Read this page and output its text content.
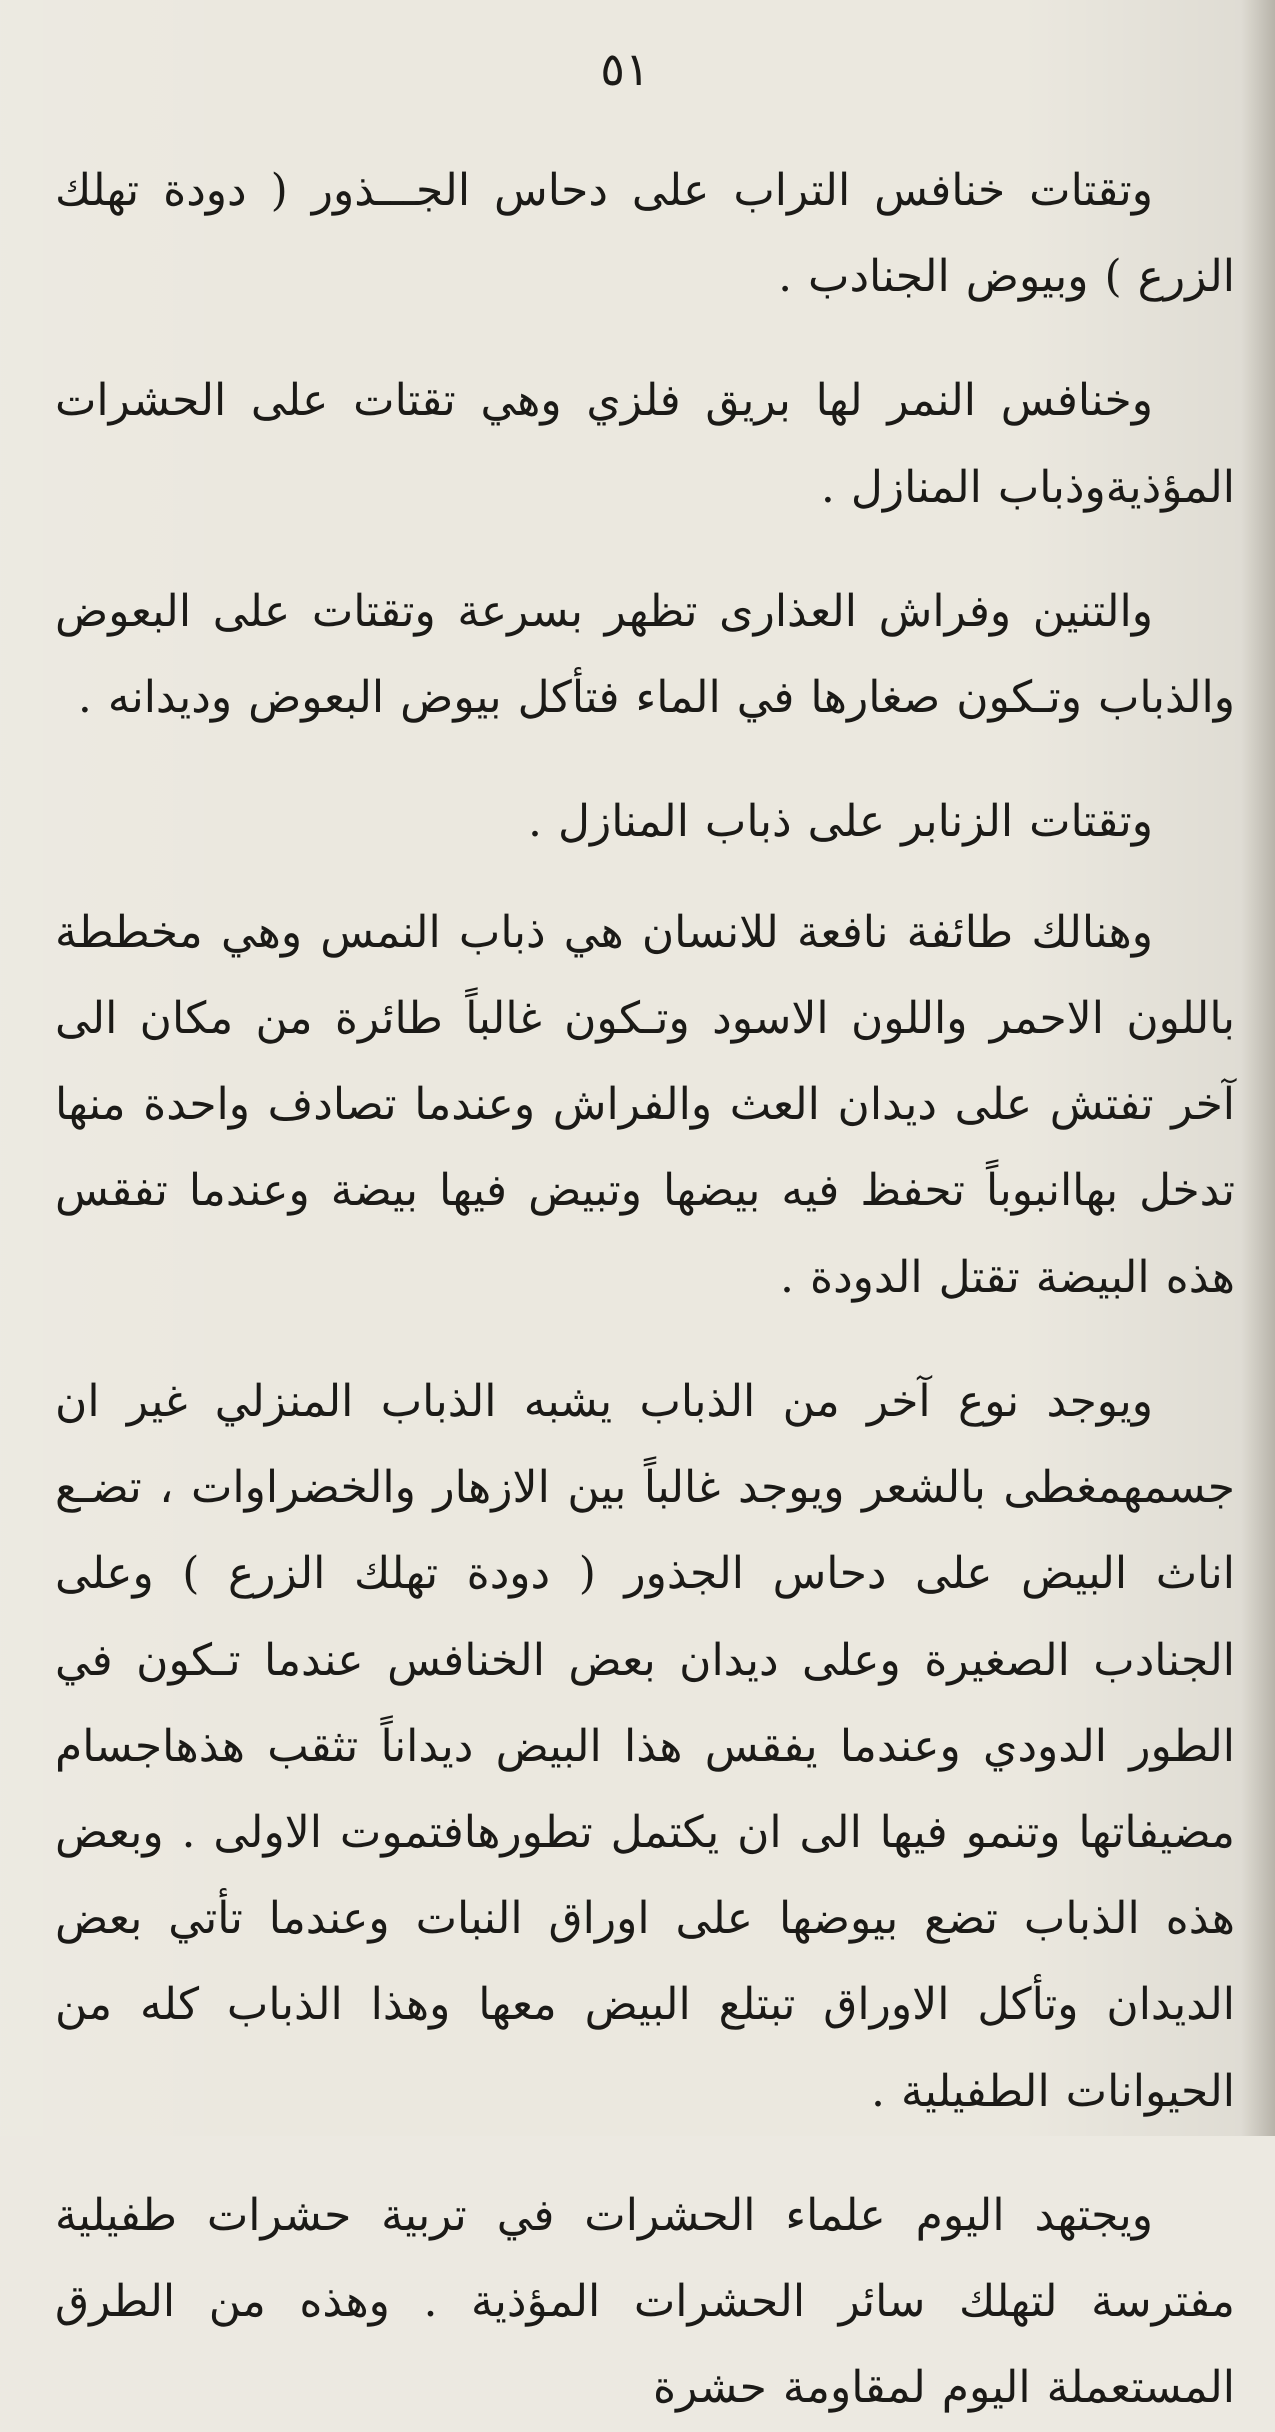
٥١

وتقتات خنافس التراب على دحاس الجـــذور ( دودة تهلك الزرع ) وبيوض الجنادب .

وخنافس النمر لها بريق فلزي وهي تقتات على الحشرات المؤذيةوذباب المنازل .

والتنين وفراش العذارى تظهر بسرعة وتقتات على البعوض والذباب وتـكون صغارها في الماء فتأكل بيوض البعوض وديدانه .

وتقتات الزنابر على ذباب المنازل .

وهنالك طائفة نافعة للانسان هي ذباب النمس وهي مخططة باللون الاحمر واللون الاسود وتـكون غالباً طائرة من مكان الى آخر تفتش على ديدان العث والفراش وعندما تصادف واحدة منها تدخل بهاانبوباً تحفظ فيه بيضها وتبيض فيها بيضة وعندما تفقس هذه البيضة تقتل الدودة .

ويوجد نوع آخر من الذباب يشبه الذباب المنزلي غير ان جسمهمغطى بالشعر ويوجد غالباً بين الازهار والخضراوات ، تضـع اناث البيض على دحاس الجذور ( دودة تهلك الزرع ) وعلى الجنادب الصغيرة وعلى ديدان بعض الخنافس عندما تـكون في الطور الدودي وعندما يفقس هذا البيض ديداناً تثقب هذهاجسام مضيفاتها وتنمو فيها الى ان يكتمل تطورهافتموت الاولى . وبعض هذه الذباب تضع بيوضها على اوراق النبات وعندما تأتي بعض الديدان وتأكل الاوراق تبتلع البيض معها وهذا الذباب كله من الحيوانات الطفيلية .

ويجتهد اليوم علماء الحشرات في تربية حشرات طفيلية مفترسة لتهلك سائر الحشرات المؤذية . وهذه من الطرق المستعملة اليوم لمقاومة حشرة
